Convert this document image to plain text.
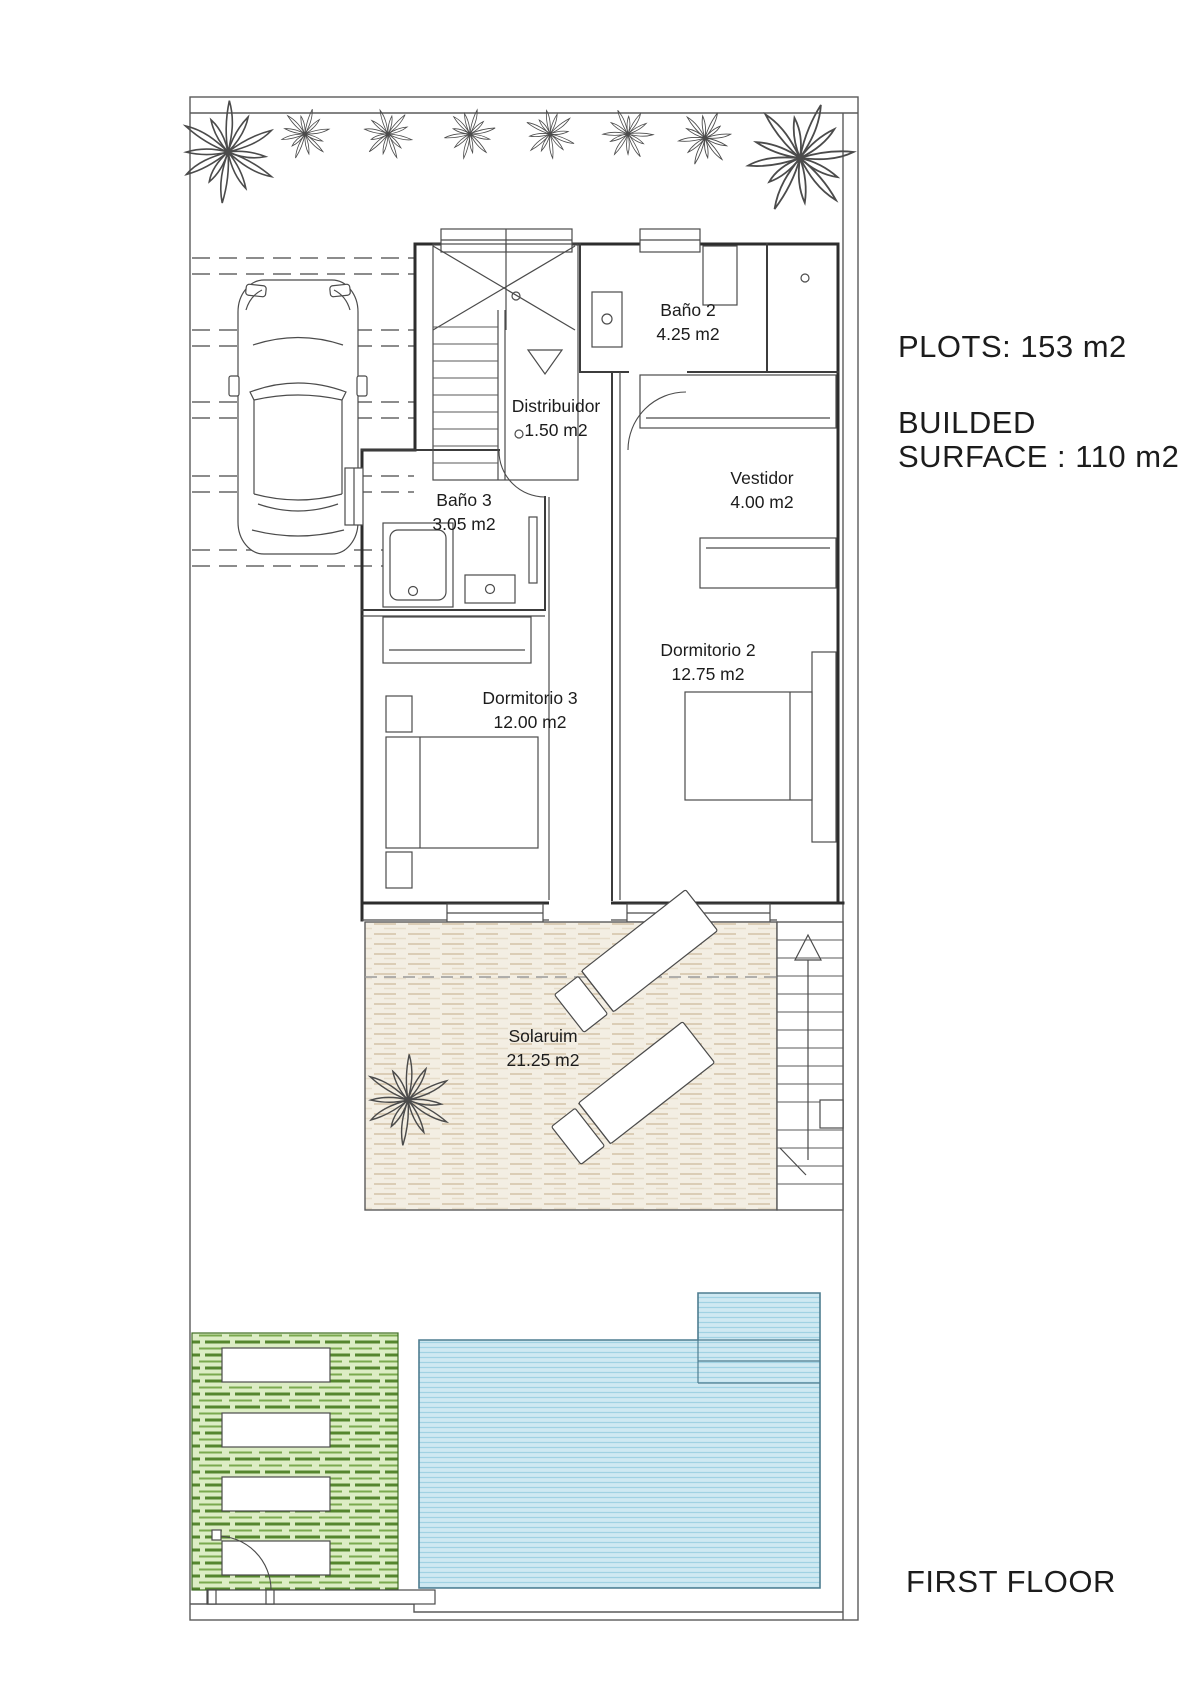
Baño 2
4.25 m2
Distribuidor
1.50 m2
Baño 3
3.05 m2
Vestidor
4.00 m2
Dormitorio 2
12.75 m2
Dormitorio 3
12.00 m2
Solaruim
21.25 m2
PLOTS: 153 m2
BUILDED
SURFACE : 110 m2
FIRST FLOOR
